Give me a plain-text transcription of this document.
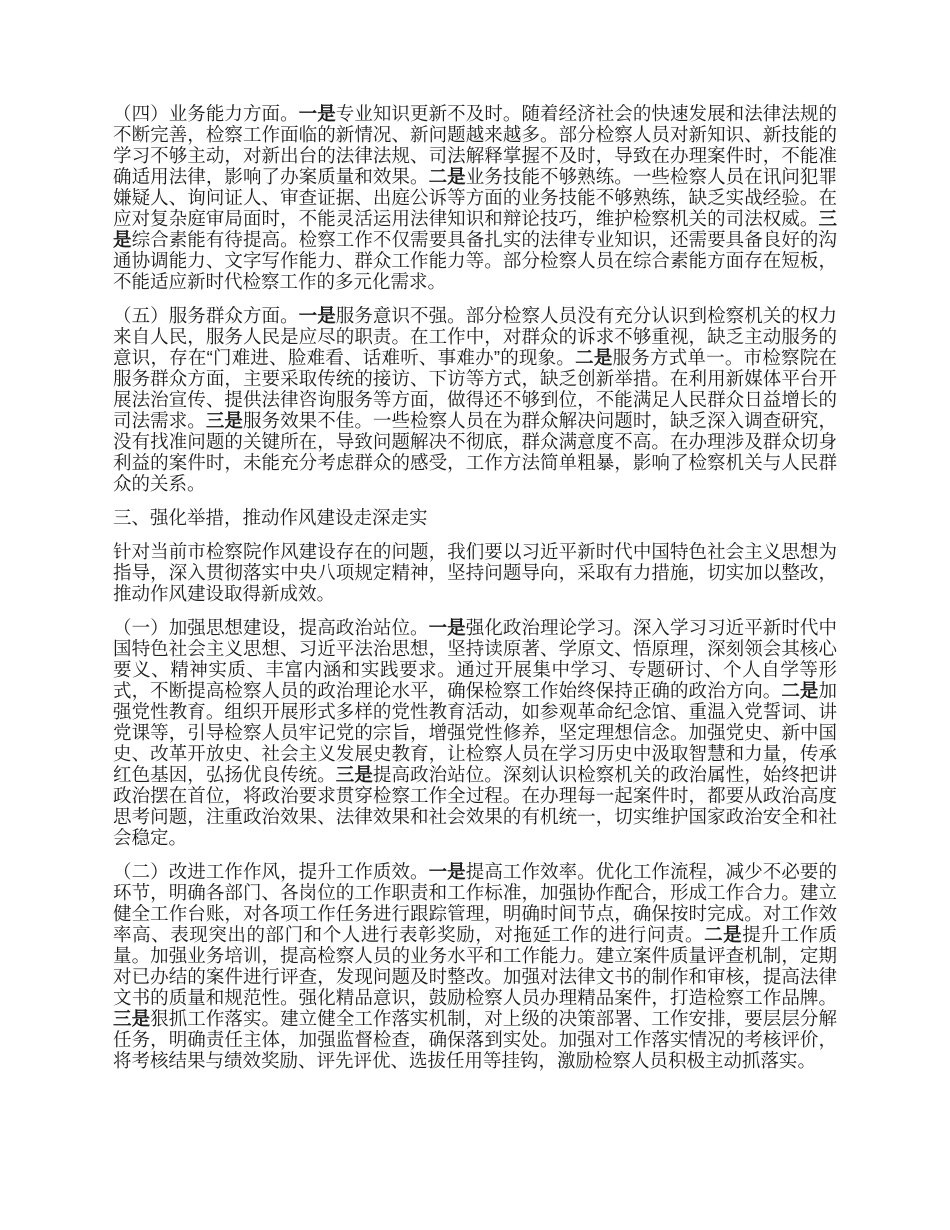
（四）业务能力方面。一是专业知识更新不及时。随着经济社会的快速发展和法律法规的不断完善，检察工作面临的新情况、新问题越来越多。部分检察人员对新知识、新技能的学习不够主动，对新出台的法律法规、司法解释掌握不及时，导致在办理案件时，不能准确适用法律，影响了办案质量和效果。二是业务技能不够熟练。一些检察人员在讯问犯罪嫌疑人、询问证人、审查证据、出庭公诉等方面的业务技能不够熟练，缺乏实战经验。在应对复杂庭审局面时，不能灵活运用法律知识和辩论技巧，维护检察机关的司法权威。三是综合素能有待提高。检察工作不仅需要具备扎实的法律专业知识，还需要具备良好的沟通协调能力、文字写作能力、群众工作能力等。部分检察人员在综合素能方面存在短板，不能适应新时代检察工作的多元化需求。

（五）服务群众方面。一是服务意识不强。部分检察人员没有充分认识到检察机关的权力来自人民，服务人民是应尽的职责。在工作中，对群众的诉求不够重视，缺乏主动服务的意识，存在“门难进、脸难看、话难听、事难办”的现象。二是服务方式单一。市检察院在服务群众方面，主要采取传统的接访、下访等方式，缺乏创新举措。在利用新媒体平台开展法治宣传、提供法律咨询服务等方面，做得还不够到位，不能满足人民群众日益增长的司法需求。三是服务效果不佳。一些检察人员在为群众解决问题时，缺乏深入调查研究，没有找准问题的关键所在，导致问题解决不彻底，群众满意度不高。在办理涉及群众切身利益的案件时，未能充分考虑群众的感受，工作方法简单粗暴，影响了检察机关与人民群众的关系。

三、强化举措，推动作风建设走深走实

针对当前市检察院作风建设存在的问题，我们要以习近平新时代中国特色社会主义思想为指导，深入贯彻落实中央八项规定精神，坚持问题导向，采取有力措施，切实加以整改，推动作风建设取得新成效。

（一）加强思想建设，提高政治站位。一是强化政治理论学习。深入学习习近平新时代中国特色社会主义思想、习近平法治思想，坚持读原著、学原文、悟原理，深刻领会其核心要义、精神实质、丰富内涵和实践要求。通过开展集中学习、专题研讨、个人自学等形式，不断提高检察人员的政治理论水平，确保检察工作始终保持正确的政治方向。二是加强党性教育。组织开展形式多样的党性教育活动，如参观革命纪念馆、重温入党誓词、讲党课等，引导检察人员牢记党的宗旨，增强党性修养，坚定理想信念。加强党史、新中国史、改革开放史、社会主义发展史教育，让检察人员在学习历史中汲取智慧和力量，传承红色基因，弘扬优良传统。三是提高政治站位。深刻认识检察机关的政治属性，始终把讲政治摆在首位，将政治要求贯穿检察工作全过程。在办理每一起案件时，都要从政治高度思考问题，注重政治效果、法律效果和社会效果的有机统一，切实维护国家政治安全和社会稳定。

（二）改进工作作风，提升工作质效。一是提高工作效率。优化工作流程，减少不必要的环节，明确各部门、各岗位的工作职责和工作标准，加强协作配合，形成工作合力。建立健全工作台账，对各项工作任务进行跟踪管理，明确时间节点，确保按时完成。对工作效率高、表现突出的部门和个人进行表彰奖励，对拖延工作的进行问责。二是提升工作质量。加强业务培训，提高检察人员的业务水平和工作能力。建立案件质量评查机制，定期对已办结的案件进行评查，发现问题及时整改。加强对法律文书的制作和审核，提高法律文书的质量和规范性。强化精品意识，鼓励检察人员办理精品案件，打造检察工作品牌。三是狠抓工作落实。建立健全工作落实机制，对上级的决策部署、工作安排，要层层分解任务，明确责任主体，加强监督检查，确保落到实处。加强对工作落实情况的考核评价，将考核结果与绩效奖励、评先评优、选拔任用等挂钩，激励检察人员积极主动抓落实。
